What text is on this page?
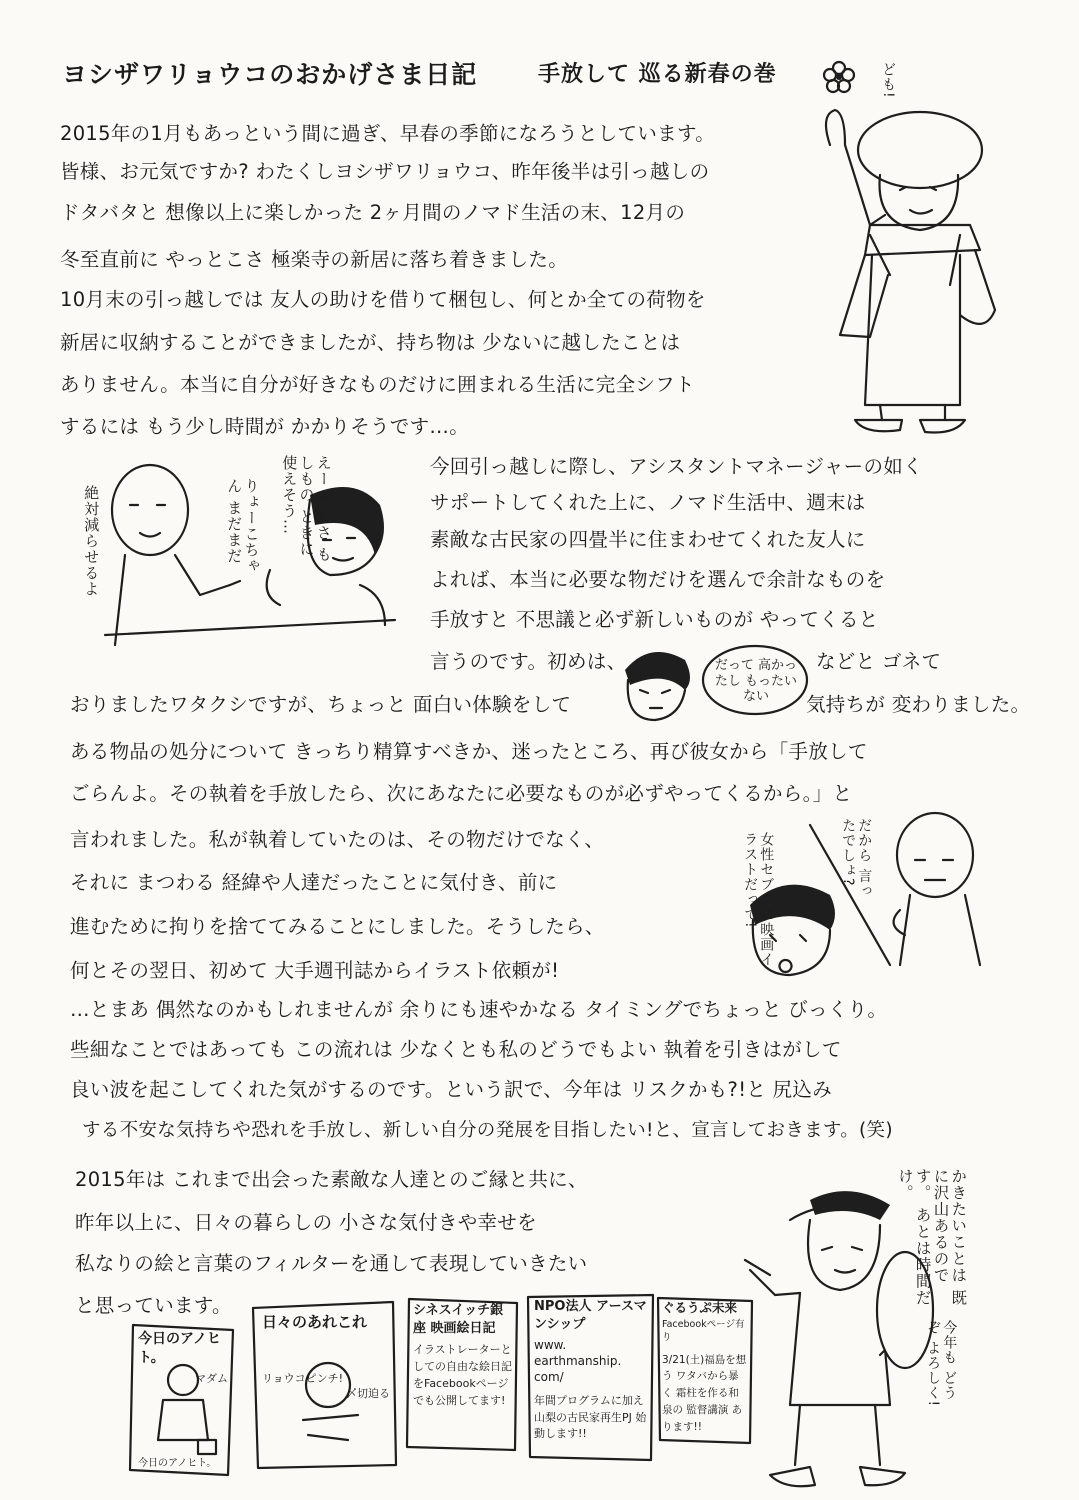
ヨシザワリョウコのおかげさま日記	手放して 巡る新春の巻
2015年の1月もあっという間に過ぎ、早春の季節になろうとしています。
皆様、お元気ですか? わたくしヨシザワリョウコ、昨年後半は引っ越しの
ドタバタと 想像以上に楽しかった 2ヶ月間のノマド生活の末、12月の
冬至直前に やっとこさ 極楽寺の新居に落ち着きました。
10月末の引っ越しでは 友人の助けを借りて梱包し、何とか全ての荷物を
新居に収納することができましたが、持ち物は 少ないに越したことは
ありません。本当に自分が好きなものだけに囲まれる生活に完全シフト
するには もう少し時間が かかりそうです…。
今回引っ越しに際し、アシスタントマネージャーの如く
サポートしてくれた上に、ノマド生活中、週末は
素敵な古民家の四畳半に住まわせてくれた友人に
よれば、本当に必要な物だけを選んで余計なものを
手放すと 不思議と必ず新しいものが やってくると
言うのです。初めは、	などと ゴネて
おりましたワタクシですが、ちょっと 面白い体験をして	気持ちが 変わりました。
ある物品の処分について きっちり精算すべきか、迷ったところ、再び彼女から「手放して
ごらんよ。その執着を手放したら、次にあなたに必要なものが必ずやってくるから。」と
言われました。私が執着していたのは、その物だけでなく、
それに まつわる 経緯や人達だったことに気付き、前に
進むために拘りを捨ててみることにしました。そうしたら、
何とその翌日、初めて 大手週刊誌からイラスト依頼が!
…とまあ 偶然なのかもしれませんが 余りにも速やかなる タイミングでちょっと びっくり。
些細なことではあっても この流れは 少なくとも私のどうでもよい 執着を引きはがして
良い波を起こしてくれた気がするのです。という訳で、今年は リスクかも?!と 尻込み
する不安な気持ちや恐れを手放し、新しい自分の発展を目指したい!と、宣言しておきます。(笑)
2015年は これまで出会った素敵な人達とのご縁と共に、
昨年以上に、日々の暮らしの 小さな気付きや幸せを
私なりの絵と言葉のフィルターを通して表現していきたい
と思っています。
ども!
絶対減らせるよ	りょーこちゃん まだまだ	えー でもさ もしもの ときに 使えそう…
だって 高かったし もったいない
女性セブンに映画イラストだって!	だから 言ったでしょ?
かきたいことは 既に沢山あるのです。 あとは時間だけ。
今年も どうぞ よろしく!
今日のアノヒト。
マダム
今日のアノヒト。
日々のあれこれ
リョウコピンチ!
〆切迫る
シネスイッチ銀座 映画絵日記
イラストレーターとしての自由な絵日記をFacebookページでも公開してます!
NPO法人 アースマンシップ
www. earthmanship. com/
年間プログラムに加え 山梨の古民家再生PJ 始動します!!
ぐるうぷ未来
Facebookページ有り
3/21(土)福島を想う ワタバから暴く 霜柱を作る和泉の 監督講演 あります!!
